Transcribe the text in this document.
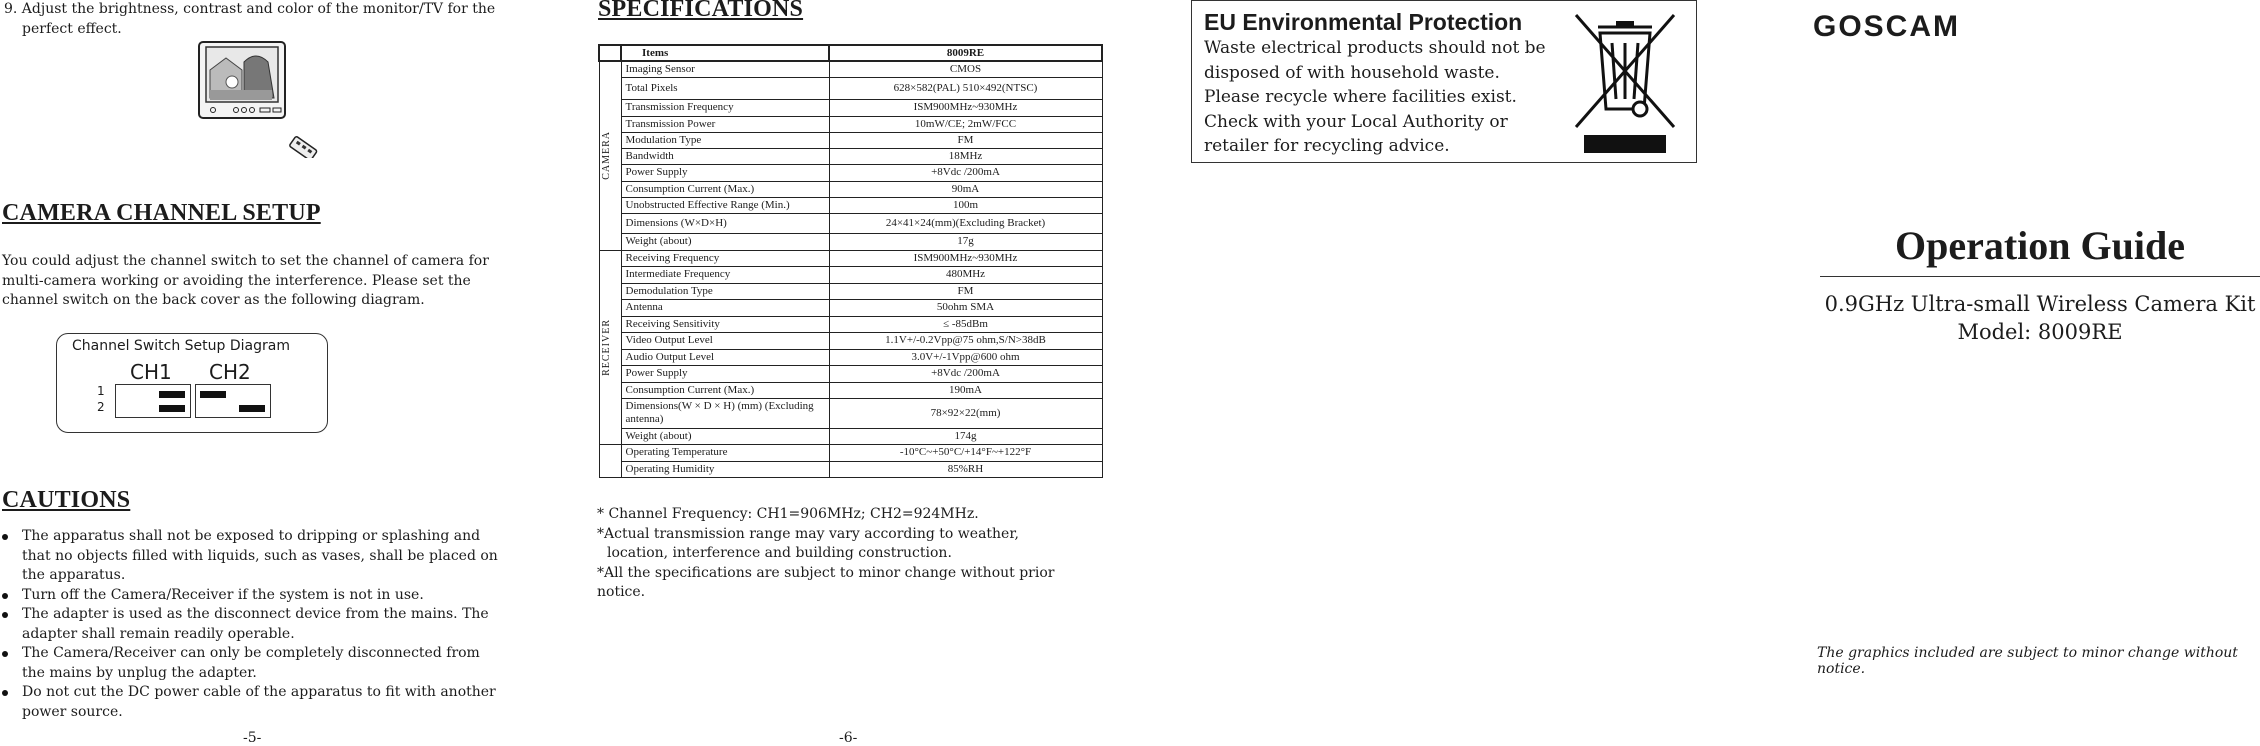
9. Adjust the brightness, contrast and color of the monitor/TV for the perfect effect.
CAMERA CHANNEL SETUP
You could adjust the channel switch to set the channel of camera for multi-camera working or avoiding the interference. Please set the channel switch on the back cover as the following diagram.
Channel Switch Setup Diagram
CH1 CH2
1
2
CAUTIONS
The apparatus shall not be exposed to dripping or splashing and that no objects filled with liquids, such as vases, shall be placed on the apparatus.
Turn off the Camera/Receiver if the system is not in use.
The adapter is used as the disconnect device from the mains. The adapter shall remain readily operable.
The Camera/Receiver can only be completely disconnected from the mains by unplug the adapter.
Do not cut the DC power cable of the apparatus to fit with another power source.
-5-
SPECIFICATIONS
	Items	8009RE

CAMERA	Imaging Sensor	CMOS
	Total Pixels	628×582(PAL) 510×492(NTSC)
	Transmission Frequency	ISM900MHz~930MHz
	Transmission Power	10mW/CE; 2mW/FCC
	Modulation Type	FM
	Bandwidth	18MHz
	Power Supply	+8Vdc /200mA
	Consumption Current (Max.)	90mA
	Unobstructed Effective Range (Min.)	100m
	Dimensions (W×D×H)	24×41×24(mm)(Excluding Bracket)
	Weight (about)	17g

RECEIVER	Receiving Frequency	ISM900MHz~930MHz
	Intermediate Frequency	480MHz
	Demodulation Type	FM
	Antenna	50ohm SMA
	Receiving Sensitivity	≤ -85dBm
	Video Output Level	1.1V+/-0.2Vpp@75 ohm,S/N>38dB
	Audio Output Level	3.0V+/-1Vpp@600 ohm
	Power Supply	+8Vdc /200mA
	Consumption Current (Max.)	190mA
	Dimensions(W × D × H) (mm) (Excluding antenna)	78×92×22(mm)
	Weight (about)	174g
	Operating Temperature	-10°C~+50°C/+14°F~+122°F
	Operating Humidity	85%RH

* Channel Frequency: CH1=906MHz; CH2=924MHz.

*Actual transmission range may vary according to weather, location, interference and building construction.

*All the specifications are subject to minor change without prior notice.

-6-
EU Environmental Protection
Waste electrical products should not be disposed of with household waste. Please recycle where facilities exist. Check with your Local Authority or retailer for recycling advice.
GOSCAM
Operation Guide
0.9GHz Ultra-small Wireless Camera Kit
Model: 8009RE
The graphics included are subject to minor change without notice.
